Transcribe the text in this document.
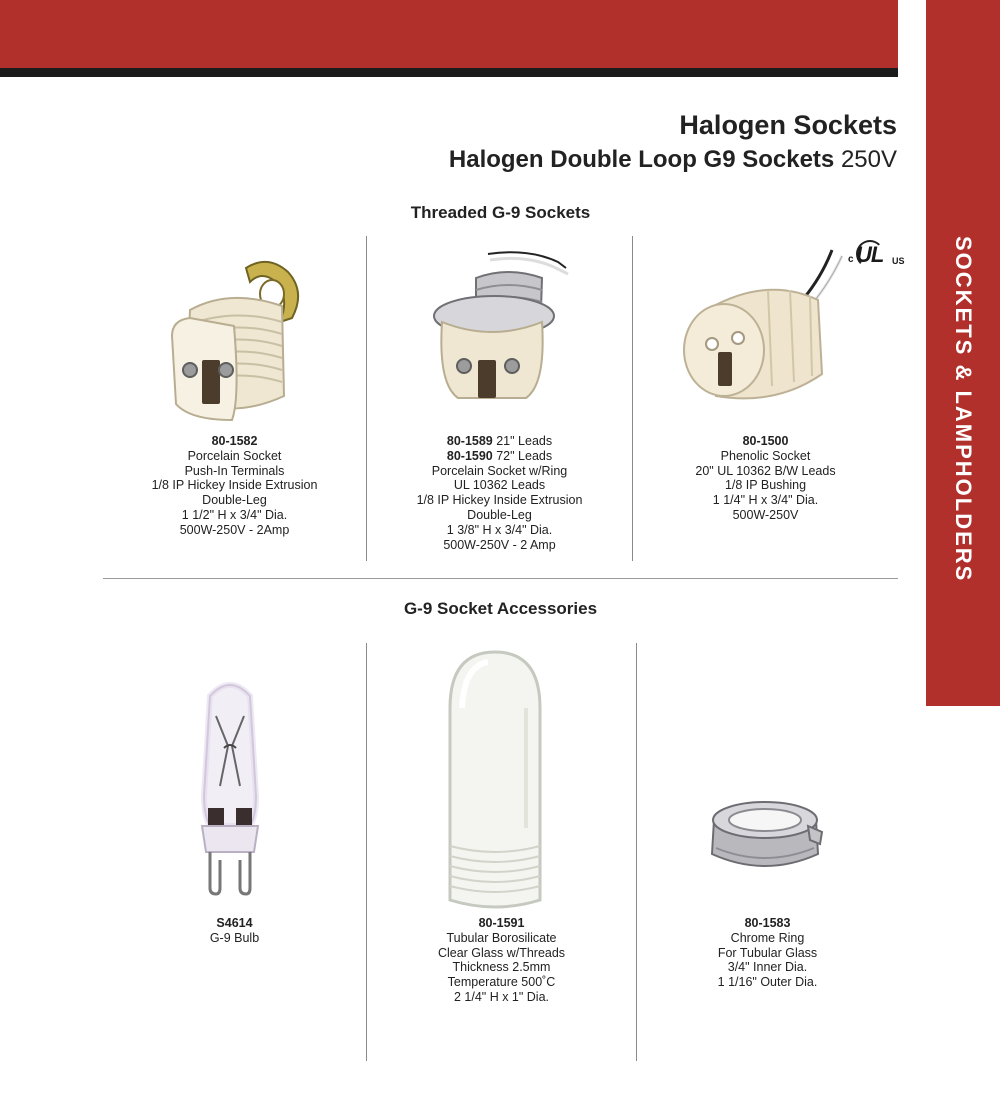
SOCKETS & LAMPHOLDERS
Halogen Sockets
Halogen Double Loop G9 Sockets 250V
Threaded G-9 Sockets
G-9 Socket Accessories
c UL US
80-1582
Porcelain Socket
Push-In Terminals
1/8 IP Hickey Inside Extrusion
Double-Leg
1 1/2" H x 3/4" Dia.
500W-250V - 2Amp
80-1589 21" Leads
80-1590 72" Leads
Porcelain Socket w/Ring
UL 10362 Leads
1/8 IP Hickey Inside Extrusion
Double-Leg
1 3/8" H x 3/4" Dia.
500W-250V - 2 Amp
80-1500
Phenolic Socket
20" UL 10362 B/W Leads
1/8 IP Bushing
1 1/4" H x 3/4" Dia.
500W-250V
S4614
G-9 Bulb
80-1591
Tubular Borosilicate
Clear Glass w/Threads
Thickness 2.5mm
Temperature 500˚C
2 1/4" H x 1" Dia.
80-1583
Chrome Ring
For Tubular Glass
3/4" Inner Dia.
1 1/16" Outer Dia.
